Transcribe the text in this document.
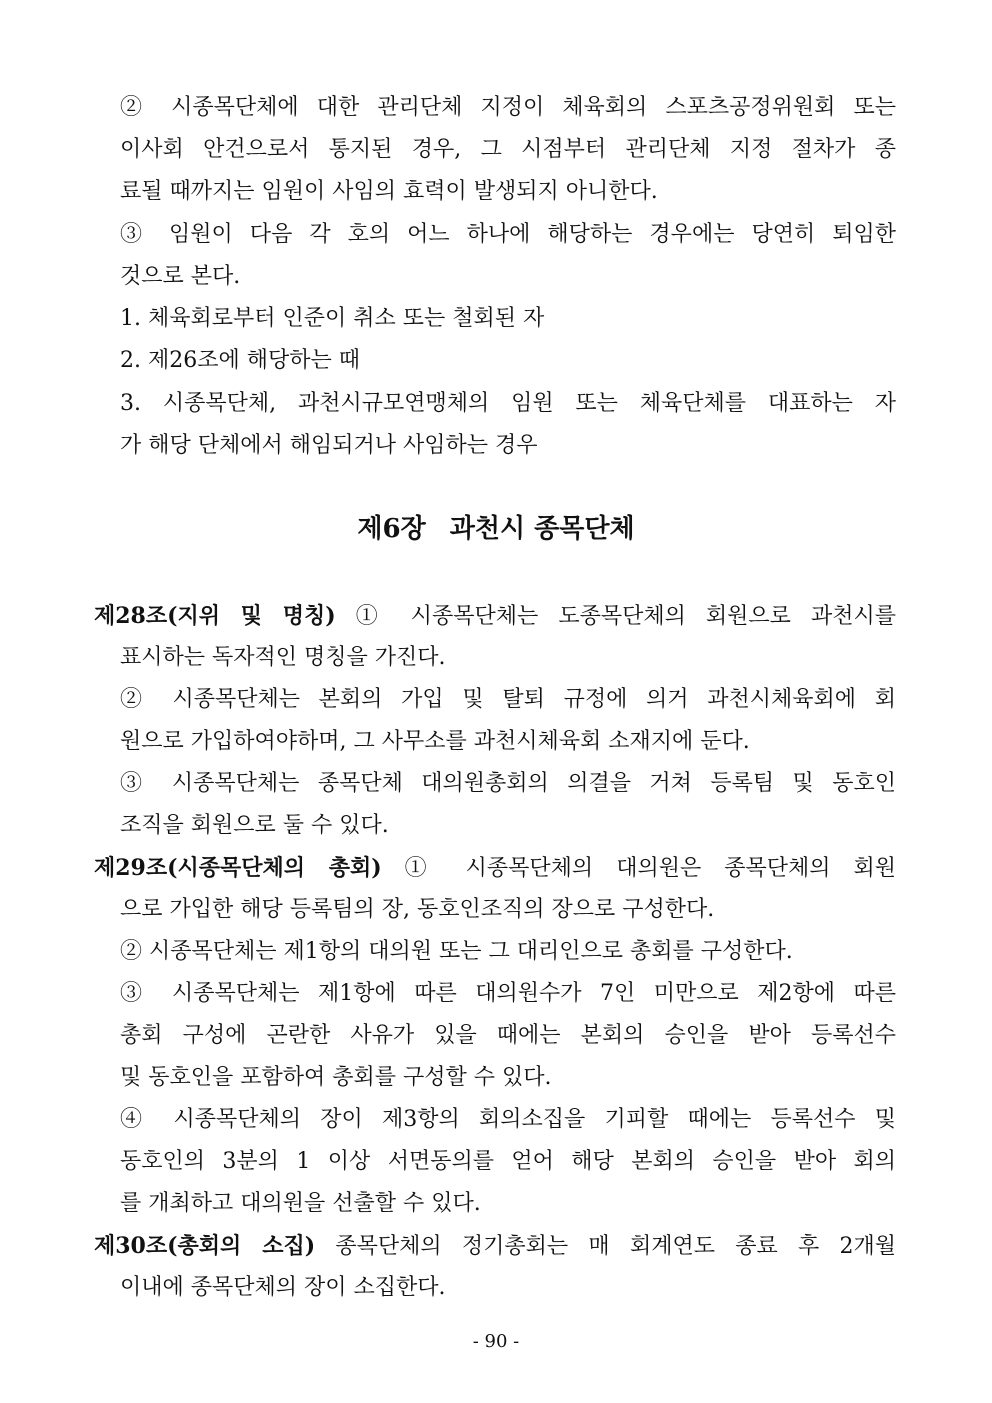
② 시종목단체에 대한 관리단체 지정이 체육회의 스포츠공정위원회 또는
이사회 안건으로서 통지된 경우, 그 시점부터 관리단체 지정 절차가 종
료될 때까지는 임원이 사임의 효력이 발생되지 아니한다.
③ 임원이 다음 각 호의 어느 하나에 해당하는 경우에는 당연히 퇴임한
것으로 본다.
1. 체육회로부터 인준이 취소 또는 철회된 자
2. 제26조에 해당하는 때
3. 시종목단체, 과천시규모연맹체의 임원 또는 체육단체를 대표하는 자
가 해당 단체에서 해임되거나 사임하는 경우
제6장 과천시 종목단체
제28조(지위 및 명칭) ① 시종목단체는 도종목단체의 회원으로 과천시를
표시하는 독자적인 명칭을 가진다.
② 시종목단체는 본회의 가입 및 탈퇴 규정에 의거 과천시체육회에 회
원으로 가입하여야하며, 그 사무소를 과천시체육회 소재지에 둔다.
③ 시종목단체는 종목단체 대의원총회의 의결을 거쳐 등록팀 및 동호인
조직을 회원으로 둘 수 있다.
제29조(시종목단체의 총회) ① 시종목단체의 대의원은 종목단체의 회원
으로 가입한 해당 등록팀의 장, 동호인조직의 장으로 구성한다.
② 시종목단체는 제1항의 대의원 또는 그 대리인으로 총회를 구성한다.
③ 시종목단체는 제1항에 따른 대의원수가 7인 미만으로 제2항에 따른
총회 구성에 곤란한 사유가 있을 때에는 본회의 승인을 받아 등록선수
및 동호인을 포함하여 총회를 구성할 수 있다.
④ 시종목단체의 장이 제3항의 회의소집을 기피할 때에는 등록선수 및
동호인의 3분의 1 이상 서면동의를 얻어 해당 본회의 승인을 받아 회의
를 개최하고 대의원을 선출할 수 있다.
제30조(총회의 소집) 종목단체의 정기총회는 매 회계연도 종료 후 2개월
이내에 종목단체의 장이 소집한다.
- 90 -
